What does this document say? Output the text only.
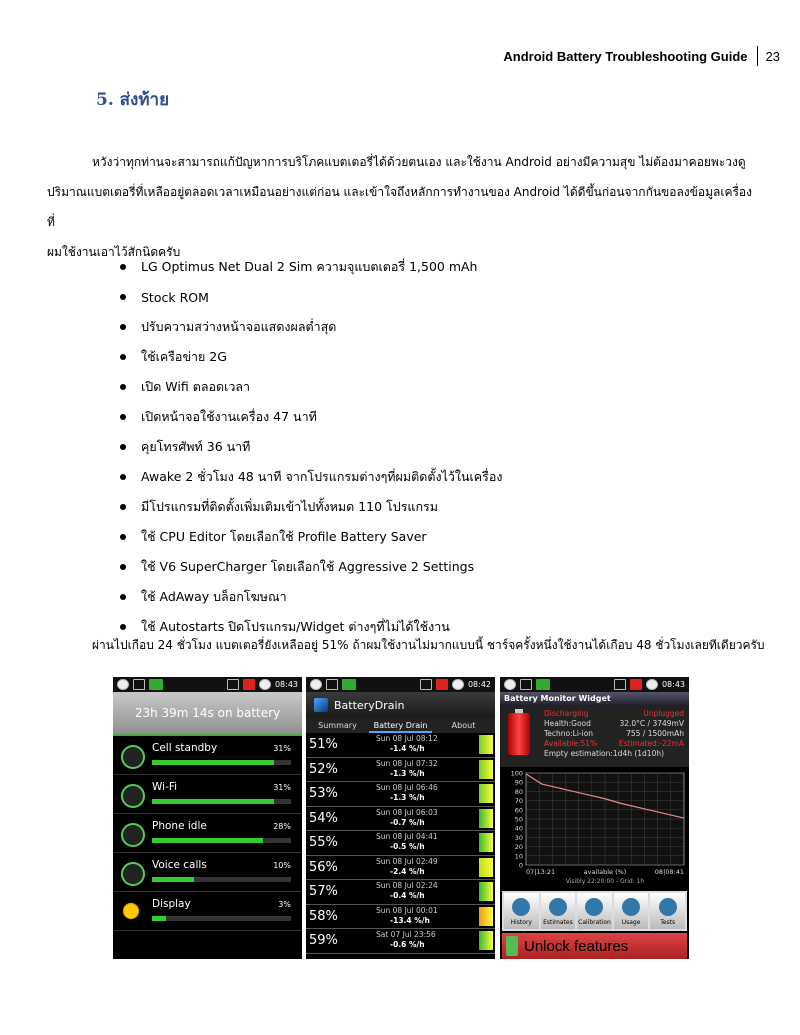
Android Battery Troubleshooting Guide 23
5. ส่งท้าย
หวังว่าทุกท่านจะสามารถแก้ปัญหาการบริโภคแบตเตอรี่ได้ด้วยตนเอง และใช้งาน Android อย่างมีความสุข ไม่ต้องมาคอยพะวงดู
ปริมาณแบตเตอรี่ที่เหลืออยู่ตลอดเวลาเหมือนอย่างแต่ก่อน และเข้าใจถึงหลักการทำงานของ Android ได้ดีขึ้นก่อนจากกันขอลงข้อมูลเครื่องที่
ผมใช้งานเอาไว้สักนิดครับ
LG Optimus Net Dual 2 Sim ความจุแบตเตอรี่ 1,500 mAh
Stock ROM
ปรับความสว่างหน้าจอแสดงผลต่ำสุด
ใช้เครือข่าย 2G
เปิด Wifi ตลอดเวลา
เปิดหน้าจอใช้งานเครื่อง 47 นาที
คุยโทรศัพท์ 36 นาที
Awake 2 ชั่วโมง 48 นาที จากโปรแกรมต่างๆที่ผมติดตั้งไว้ในเครื่อง
มีโปรแกรมที่ติดตั้งเพิ่มเติมเข้าไปทั้งหมด 110 โปรแกรม
ใช้ CPU Editor โดยเลือกใช้ Profile Battery Saver
ใช้ V6 SuperCharger โดยเลือกใช้ Aggressive 2 Settings
ใช้ AdAway บล็อกโฆษณา
ใช้ Autostarts ปิดโปรแกรม/Widget ต่างๆที่ไม่ได้ใช้งาน
ผ่านไปเกือบ 24 ชั่วโมง แบตเตอรี่ยังเหลืออยู่ 51% ถ้าผมใช้งานไม่มากแบบนี้ ชาร์จครั้งหนึ่งใช้งานได้เกือบ 48 ชั่วโมงเลยทีเดียวครับ
08:43
23h 39m 14s on battery
Cell standby	31%
Wi-Fi	31%
Phone idle	28%
Voice calls	10%
Display	3%
08:42
BatteryDrain
Summary	Battery Drain	About
51%	Sun 08 Jul 08:12
-1.4 %/h
52%	Sun 08 Jul 07:32
-1.3 %/h
53%	Sun 08 Jul 06:46
-1.3 %/h
54%	Sun 08 Jul 06:03
-0.7 %/h
55%	Sun 08 Jul 04:41
-0.5 %/h
56%	Sun 08 Jul 02:49
-2.4 %/h
57%	Sun 08 Jul 02:24
-0.4 %/h
58%	Sun 08 Jul 00:01
-13.4 %/h
59%	Sat 07 Jul 23:56
-0.6 %/h
08:43
Battery Monitor Widget
Discharging	Unplugged
Health:Good	32.0°C / 3749mV
Techno:Li-ion	755 / 1500mAh
Available:51%	Estimated:-22mA
Empty estimation:1d4h (1d10h)
100
90
80
70
60
50
40
30
20
10
0
07|13:21	available (%)	08|08:41
Visibly 22:20:00 - Grid: 1h
History	Estimates Calibration	Usage	Tests
Unlock features
